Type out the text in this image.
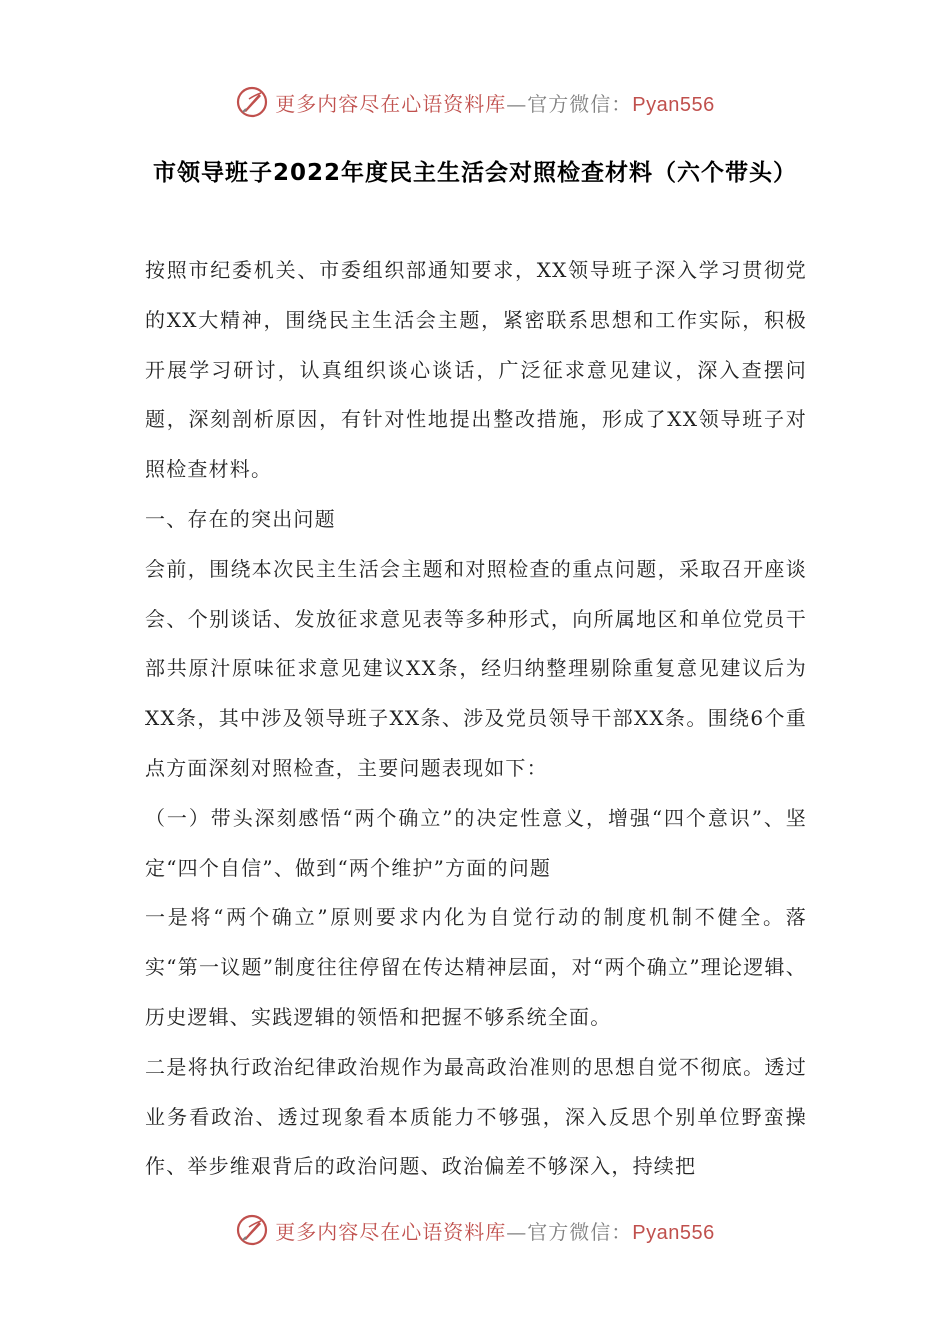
更多内容尽在心语资料库—官方微信：Pyan556
市领导班子2022年度民主生活会对照检查材料（六个带头）

按照市纪委机关、市委组织部通知要求，XX领导班子深入学习贯彻党的XX大精神，围绕民主生活会主题，紧密联系思想和工作实际，积极开展学习研讨，认真组织谈心谈话，广泛征求意见建议，深入查摆问题，深刻剖析原因，有针对性地提出整改措施，形成了XX领导班子对照检查材料。

一、存在的突出问题

会前，围绕本次民主生活会主题和对照检查的重点问题，采取召开座谈会、个别谈话、发放征求意见表等多种形式，向所属地区和单位党员干部共原汁原味征求意见建议XX条，经归纳整理剔除重复意见建议后为XX条，其中涉及领导班子XX条、涉及党员领导干部XX条。围绕6个重点方面深刻对照检查，主要问题表现如下：

（一）带头深刻感悟“两个确立”的决定性意义，增强“四个意识”、坚定“四个自信”、做到“两个维护”方面的问题

一是将“两个确立”原则要求内化为自觉行动的制度机制不健全。落实“第一议题”制度往往停留在传达精神层面，对“两个确立”理论逻辑、历史逻辑、实践逻辑的领悟和把握不够系统全面。

二是将执行政治纪律政治规作为最高政治准则的思想自觉不彻底。透过业务看政治、透过现象看本质能力不够强，深入反思个别单位野蛮操作、举步维艰背后的政治问题、政治偏差不够深入，持续把

更多内容尽在心语资料库—官方微信：Pyan556
